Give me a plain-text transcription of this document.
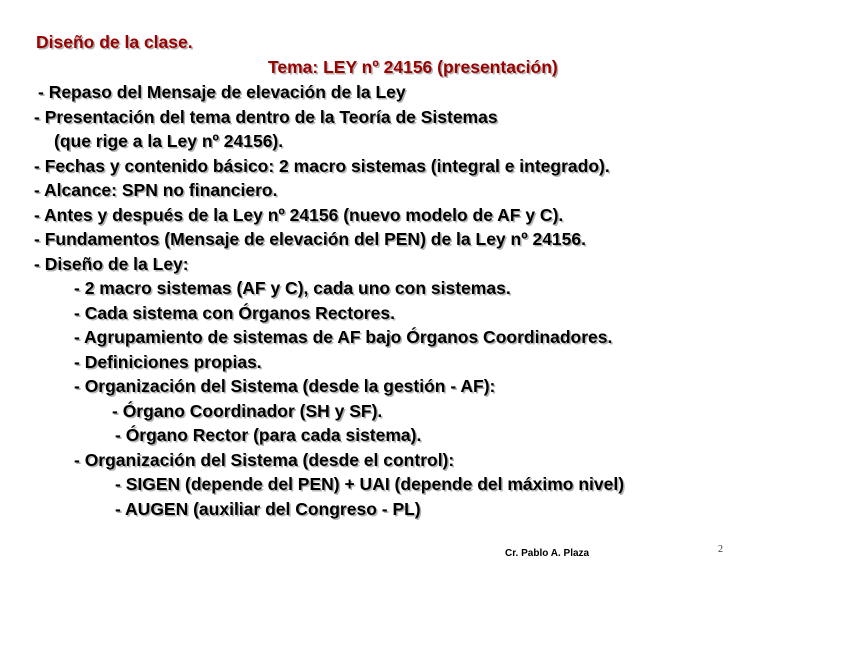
Diseño de la clase.
Tema: LEY nº 24156 (presentación)
- Repaso del Mensaje de elevación de la Ley
- Presentación del tema dentro de la Teoría de Sistemas
(que rige a la Ley nº 24156).
- Fechas y contenido básico: 2 macro sistemas (integral e integrado).
- Alcance: SPN no financiero.
- Antes y después de la Ley nº 24156 (nuevo modelo de AF y C).
- Fundamentos (Mensaje de elevación del PEN) de la Ley nº 24156.
- Diseño de la Ley:
- 2 macro sistemas (AF y C), cada uno con sistemas.
- Cada sistema con Órganos Rectores.
- Agrupamiento de sistemas de AF bajo Órganos Coordinadores.
- Definiciones propias.
- Organización del Sistema (desde la gestión - AF):
- Órgano Coordinador (SH y SF).
- Órgano Rector (para cada sistema).
- Organización del Sistema (desde el control):
- SIGEN (depende del PEN) + UAI (depende del máximo nivel)
- AUGEN (auxiliar del Congreso - PL)
Cr. Pablo A. Plaza	2
